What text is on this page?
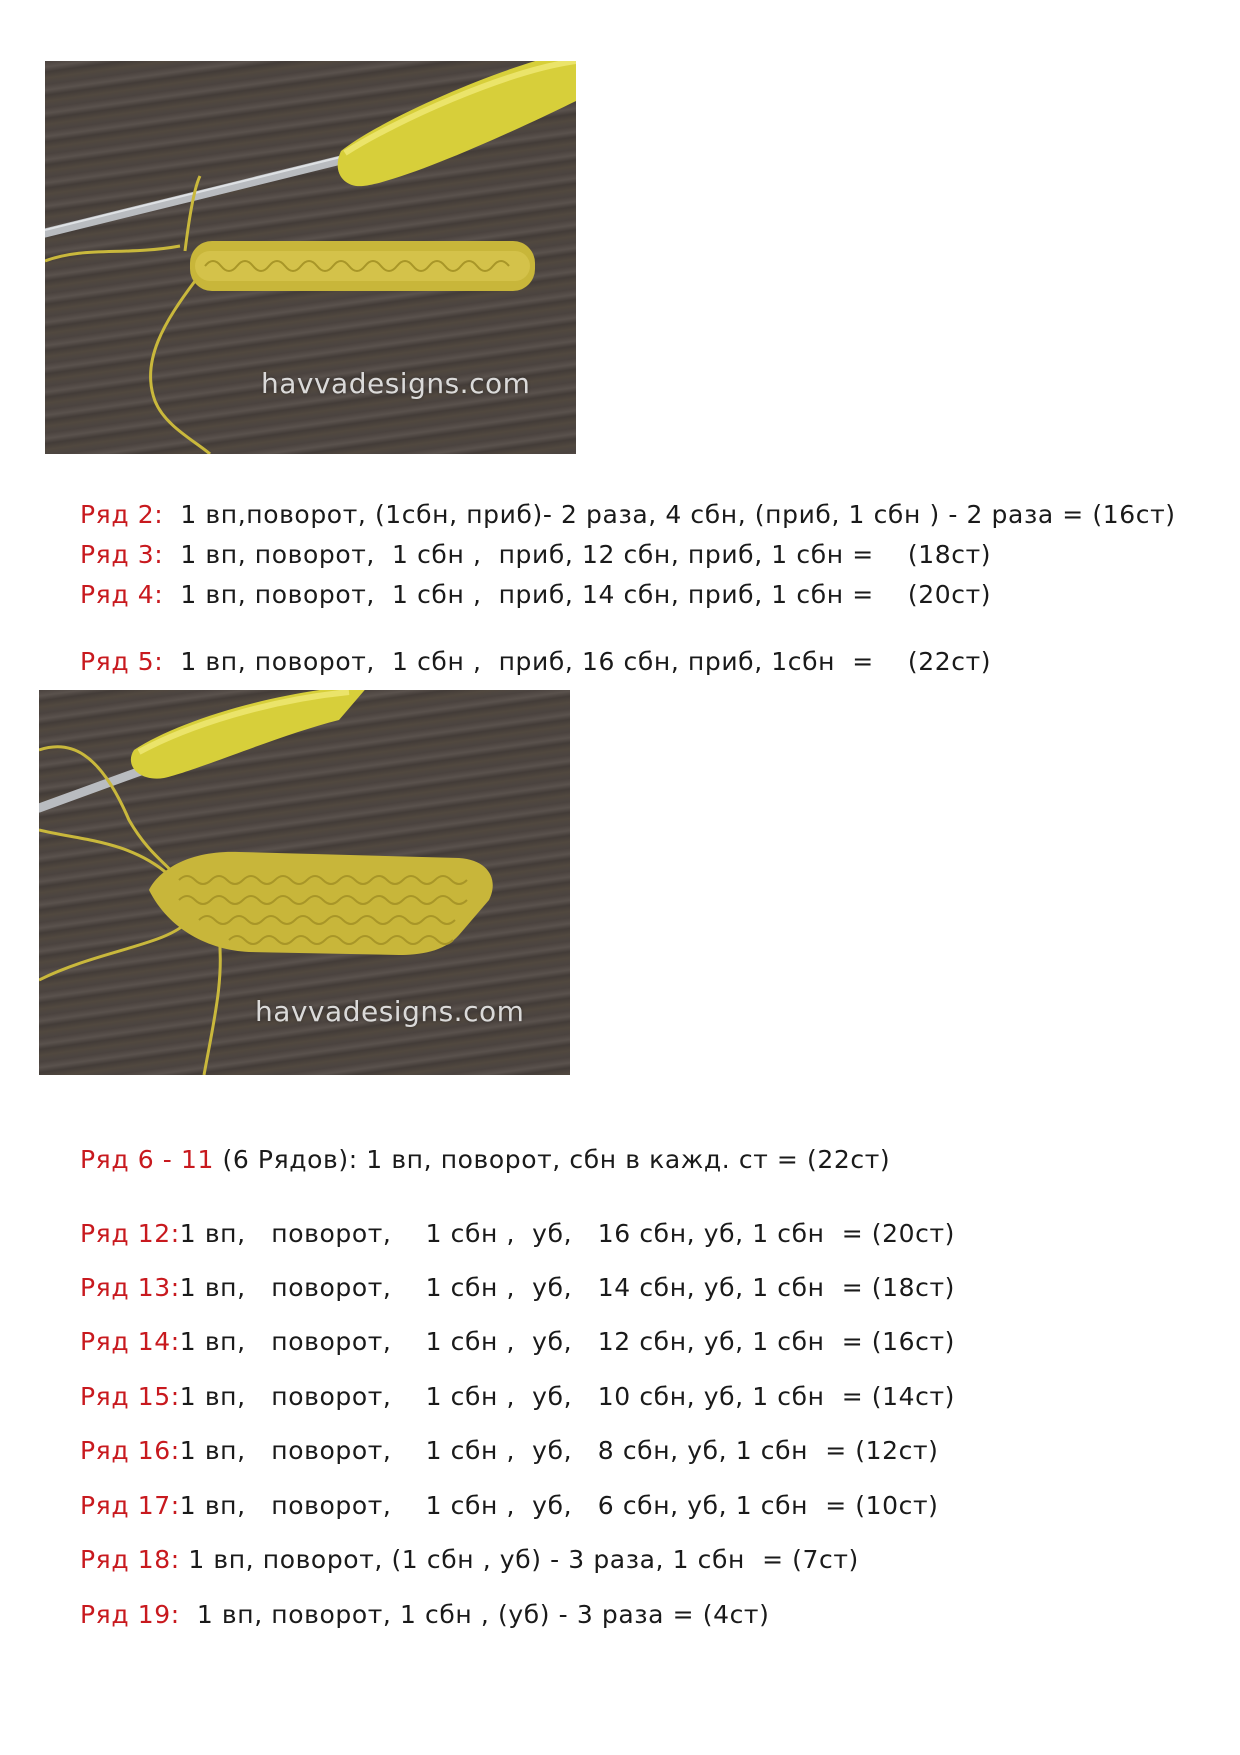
havvadesigns.com
Ряд 2:  1 вп,поворот, (1сбн, приб)- 2 раза, 4 сбн, (приб, 1 сбн ) - 2 раза = (16ст)
Ряд 3:  1 вп, поворот,  1 сбн ,  приб, 12 сбн, приб, 1 сбн =    (18ст)
Ряд 4:  1 вп, поворот,  1 сбн ,  приб, 14 сбн, приб, 1 сбн =    (20ст)
Ряд 5:  1 вп, поворот,  1 сбн ,  приб, 16 сбн, приб, 1сбн  =    (22ст)
havvadesigns.com
Ряд 6 - 11 (6 Рядов): 1 вп, поворот, сбн в кажд. ст = (22ст)
Ряд 12:1 вп,   поворот,    1 сбн ,  уб,   16 сбн, уб, 1 сбн  = (20ст)
Ряд 13:1 вп,   поворот,    1 сбн ,  уб,   14 сбн, уб, 1 сбн  = (18ст)
Ряд 14:1 вп,   поворот,    1 сбн ,  уб,   12 сбн, уб, 1 сбн  = (16ст)
Ряд 15:1 вп,   поворот,    1 сбн ,  уб,   10 сбн, уб, 1 сбн  = (14ст)
Ряд 16:1 вп,   поворот,    1 сбн ,  уб,   8 сбн, уб, 1 сбн  = (12ст)
Ряд 17:1 вп,   поворот,    1 сбн ,  уб,   6 сбн, уб, 1 сбн  = (10ст)
Ряд 18: 1 вп, поворот, (1 сбн , уб) - 3 раза, 1 сбн  = (7ст)
Ряд 19:  1 вп, поворот, 1 сбн , (уб) - 3 раза = (4ст)
